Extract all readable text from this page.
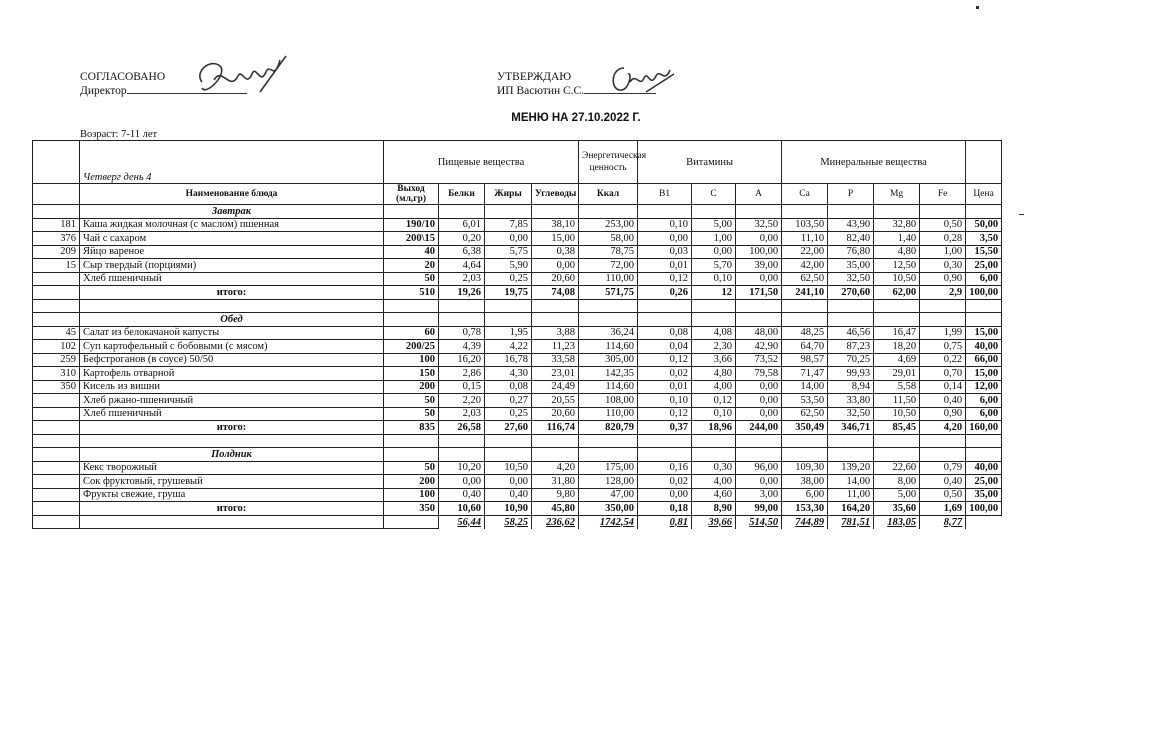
СОГЛАСОВАНО
Директор
УТВЕРЖДАЮ
ИП Васютин С.С.
МЕНЮ НА 27.10.2022 Г.
Возраст: 7-11 лет
	Четверг день 4	Пищевые вещества				Энергетическая ценность	Витамины			Минеральные вещества				
	Наименование блюда	Выход (мл,гр)	Белки	Жиры	Углеводы	Ккал	B1	C	A	Ca	P	Mg	Fe	Цена
	Завтрак													
181	Каша жидкая молочная (с маслом) пшенная	190/10	6,01	7,85	38,10	253,00	0,10	5,00	32,50	103,50	43,90	32,80	0,50	50,00
376	Чай с сахаром	200\15	0,20	0,00	15,00	58,00	0,00	1,00	0,00	11,10	82,40	1,40	0,28	3,50
209	Яйцо вареное	40	6,38	5,75	0,38	78,75	0,03	0,00	100,00	22,00	76,80	4,80	1,00	15,50
15	Сыр твердый (порциями)	20	4,64	5,90	0,00	72,00	0,01	5,70	39,00	42,00	35,00	12,50	0,30	25,00
	Хлеб пшеничный	50	2,03	0,25	20,60	110,00	0,12	0,10	0,00	62,50	32,50	10,50	0,90	6,00
	итого:	510	19,26	19,75	74,08	571,75	0,26	12	171,50	241,10	270,60	62,00	2,9	100,00

	Обед													
45	Салат из белокачаной капусты	60	0,78	1,95	3,88	36,24	0,08	4,08	48,00	48,25	46,56	16,47	1,99	15,00
102	Суп картофельный с бобовыми (с мясом)	200/25	4,39	4,22	11,23	114,60	0,04	2,30	42,90	64,70	87,23	18,20	0,75	40,00
259	Бефстроганов (в соусе) 50/50	100	16,20	16,78	33,58	305,00	0,12	3,66	73,52	98,57	70,25	4,69	0,22	66,00
310	Картофель отварной	150	2,86	4,30	23,01	142,35	0,02	4,80	79,58	71,47	99,93	29,01	0,70	15,00
350	Кисель из вишни	200	0,15	0,08	24,49	114,60	0,01	4,00	0,00	14,00	8,94	5,58	0,14	12,00
	Хлеб ржано-пшеничный	50	2,20	0,27	20,55	108,00	0,10	0,12	0,00	53,50	33,80	11,50	0,40	6,00
	Хлеб пшеничный	50	2,03	0,25	20,60	110,00	0,12	0,10	0,00	62,50	32,50	10,50	0,90	6,00
	итого:	835	26,58	27,60	116,74	820,79	0,37	18,96	244,00	350,49	346,71	85,45	4,20	160,00

	Полдник													
	Кекс творожный	50	10,20	10,50	4,20	175,00	0,16	0,30	96,00	109,30	139,20	22,60	0,79	40,00
	Сок фруктовый, грушевый	200	0,00	0,00	31,80	128,00	0,02	4,00	0,00	38,00	14,00	8,00	0,40	25,00
	Фрукты свежие, груша	100	0,40	0,40	9,80	47,00	0,00	4,60	3,00	6,00	11,00	5,00	0,50	35,00
	итого:	350	10,60	10,90	45,80	350,00	0,18	8,90	99,00	153,30	164,20	35,60	1,69	100,00
			56,44	58,25	236,62	1742,54	0,81	39,66	514,50	744,89	781,51	183,05	8,77	
